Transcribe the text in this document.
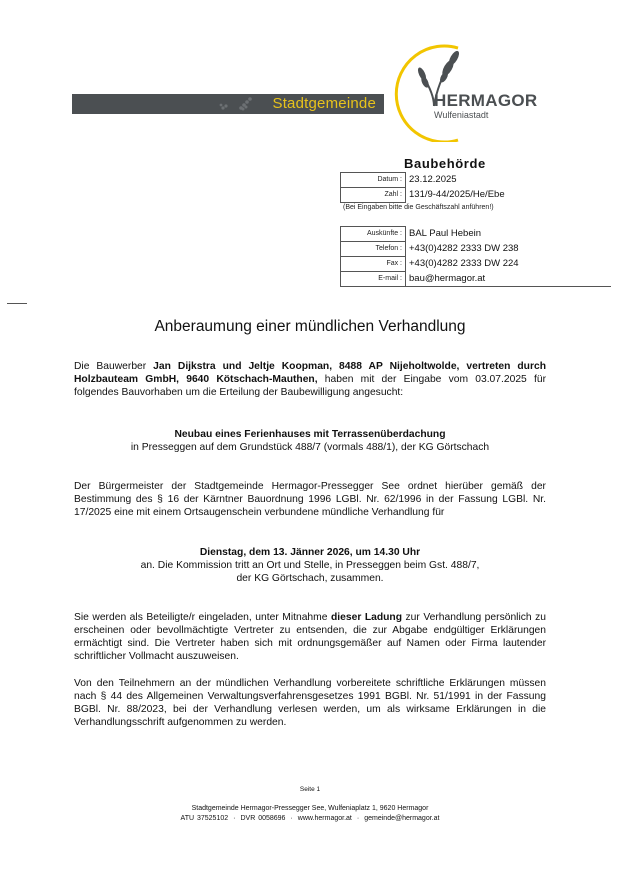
Stadtgemeinde	HERMAGOR
Wulfeniastadt
Baubehörde
Datum :	23.12.2025
Zahl :	131/9-44/2025/He/Ebe
(Bei Eingaben bitte die Geschäftszahl anführen!)
Auskünfte :	BAL Paul Hebein
Telefon :	+43(0)4282 2333 DW 238
Fax :	+43(0)4282 2333 DW 224
E-mail :	bau@hermagor.at
Anberaumung einer mündlichen Verhandlung
Die Bauwerber Jan Dijkstra und Jeltje Koopman, 8488 AP Nijeholtwolde, vertreten durch Holzbauteam GmbH, 9640 Kötschach-Mauthen, haben mit der Eingabe vom 03.07.2025 für folgendes Bauvorhaben um die Erteilung der Baubewilligung angesucht:
Neubau eines Ferienhauses mit Terrassenüberdachung
in Presseggen auf dem Grundstück 488/7 (vormals 488/1), der KG Görtschach
Der Bürgermeister der Stadtgemeinde Hermagor-Pressegger See ordnet hierüber gemäß der Bestimmung des § 16 der Kärntner Bauordnung 1996 LGBl. Nr. 62/1996 in der Fassung LGBl. Nr. 17/2025 eine mit einem Ortsaugenschein verbundene mündliche Verhandlung für
Dienstag, dem 13. Jänner 2026, um 14.30 Uhr
an. Die Kommission tritt an Ort und Stelle, in Presseggen beim Gst. 488/7,
der KG Görtschach, zusammen.
Sie werden als Beteiligte/r eingeladen, unter Mitnahme dieser Ladung zur Verhandlung persönlich zu erscheinen oder bevollmächtigte Vertreter zu entsenden, die zur Abgabe endgültiger Erklärungen ermächtigt sind. Die Vertreter haben sich mit ordnungsgemäßer auf Namen oder Firma lautender schriftlicher Vollmacht auszuweisen.
Von den Teilnehmern an der mündlichen Verhandlung vorbereitete schriftliche Erklärungen müssen nach § 44 des Allgemeinen Verwaltungsverfahrensgesetzes 1991 BGBl. Nr. 51/1991 in der Fassung BGBl. Nr. 88/2023, bei der Verhandlung verlesen werden, um als wirksame Erklärungen in die Verhandlungsschrift aufgenommen zu werden.
Seite 1
Stadtgemeinde Hermagor-Pressegger See, Wulfeniaplatz 1, 9620 Hermagor
ATU 37525102 · DVR 0058696 · www.hermagor.at · gemeinde@hermagor.at
